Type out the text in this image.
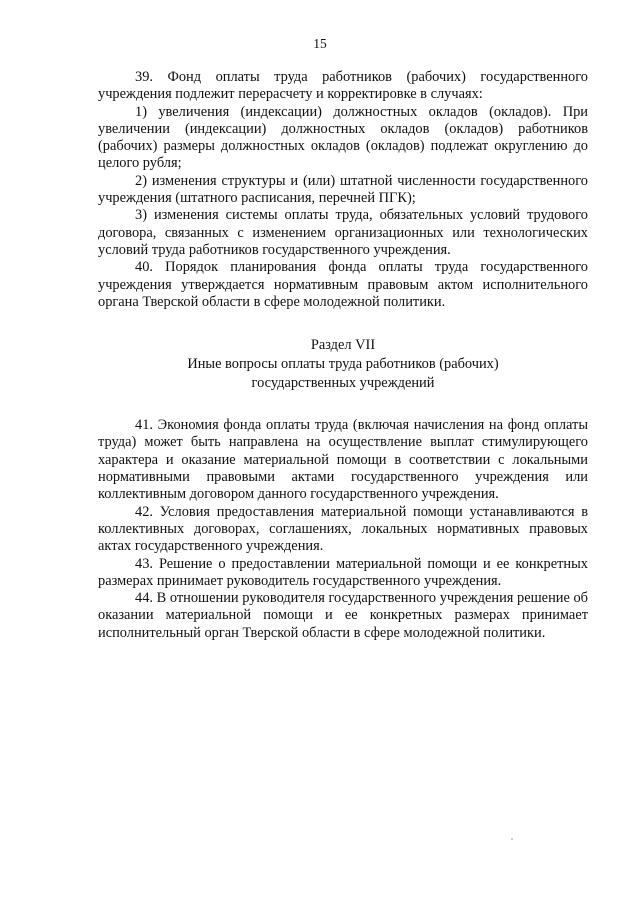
15

39. Фонд оплаты труда работников (рабочих) государственного учреждения подлежит перерасчету и корректировке в случаях:

1) увеличения (индексации) должностных окладов (окладов). При увеличении (индексации) должностных окладов (окладов) работников (рабочих) размеры должностных окладов (окладов) подлежат округлению до целого рубля;

2) изменения структуры и (или) штатной численности государственного учреждения (штатного расписания, перечней ПГК);

3) изменения системы оплаты труда, обязательных условий трудового договора, связанных с изменением организационных или технологических условий труда работников государственного учреждения.

40. Порядок планирования фонда оплаты труда государственного учреждения утверждается нормативным правовым актом исполнительного органа Тверской области в сфере молодежной политики.

Раздел VII
Иные вопросы оплаты труда работников (рабочих)
государственных учреждений

41. Экономия фонда оплаты труда (включая начисления на фонд оплаты труда) может быть направлена на осуществление выплат стимулирующего характера и оказание материальной помощи в соответствии с локальными нормативными правовыми актами государственного учреждения или коллективным договором данного государственного учреждения.

42. Условия предоставления материальной помощи устанавливаются в коллективных договорах, соглашениях, локальных нормативных правовых актах государственного учреждения.

43. Решение о предоставлении материальной помощи и ее конкретных размерах принимает руководитель государственного учреждения.

44. В отношении руководителя государственного учреждения решение об оказании материальной помощи и ее конкретных размерах принимает исполнительный орган Тверской области в сфере молодежной политики.
